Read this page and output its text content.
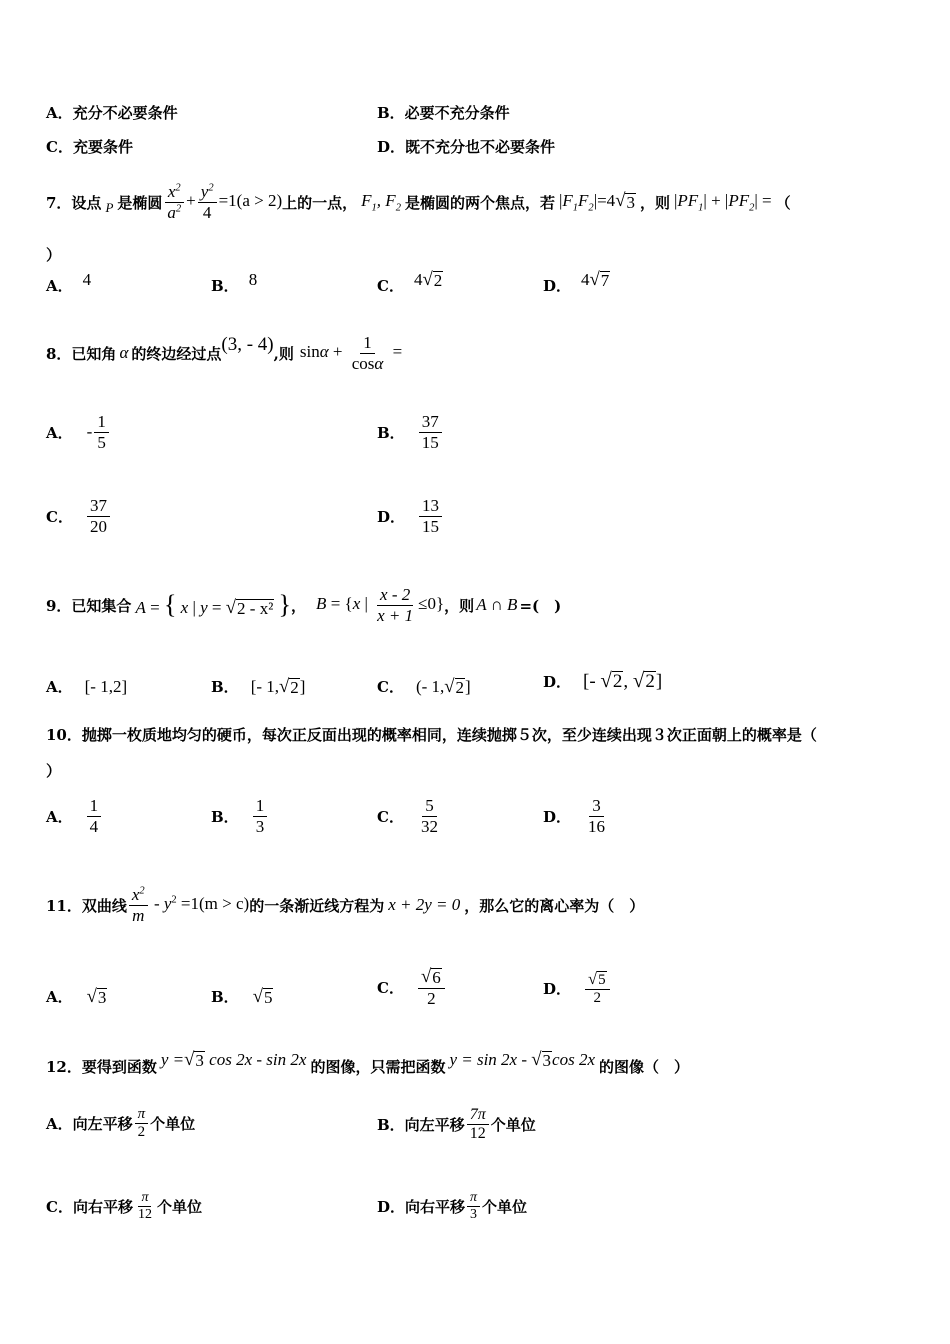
A．充分不必要条件	B．必要不充分条件
C．充要条件	D．既不充分也不必要条件
7．设点 P 是椭圆 $\frac{x^2}{a^2} + \frac{y^2}{4} =1(a > 2)$ 上的一点， $F_1$, $F_2$ 是椭圆的两个焦点，若 $|F_1F_2|=4$ √ 3 ，则 $|PF_1| + |PF_2|$ = （
）
A． 4	B． 8	C． 4 √ 2	D． 4 √ 7
8．已知角 α 的终边经过点 (3, - 4) ,则 $\sin\alpha + \frac{1}{\cos\alpha}$ =
A． - $\frac{1}{5}$	B． $\frac{37}{15}$
C． $\frac{37}{20}$	D． $\frac{13}{15}$
9．已知集合 A = { x | y = √ 2 - x² } ， B = {x | $\frac{x - 2}{x + 1} \le 0$} ，则 A ∩ B =(　)
A． [- 1,2]	B． [- 1, √ 2 ]	C． (- 1, √ 2 ]	D． [- √ 2 , √ 2 ]
10．抛掷一枚质地均匀的硬币，每次正反面出现的概率相同，连续抛掷５次，至少连续出现３次正面朝上的概率是（
）
A． $\frac{1}{4}$	B． $\frac{1}{3}$	C． $\frac{5}{32}$	D． $\frac{3}{16}$
11．双曲线 $\frac{x^2}{m} - y^2 =1(m > c)$ 的一条渐近线方程为 x + 2y = 0 ，那么它的离心率为（　）
A． √ 3	B． √ 5
C． $\frac{√ 6}{2}$	D． $\frac{√ 5}{2}$
12．要得到函数 y = √ 3 cos 2x - sin 2x 的图像，只需把函数 y = sin 2x - √ 3 cos 2x 的图像（　）
A．向左平移 $\frac{\pi}{2}$ 个单位	B．向左平移 $\frac{7\pi}{12}$ 个单位
C．向右平移 $\frac{\pi}{12}$ 个单位	D．向右平移 $\frac{\pi}{3}$ 个单位
